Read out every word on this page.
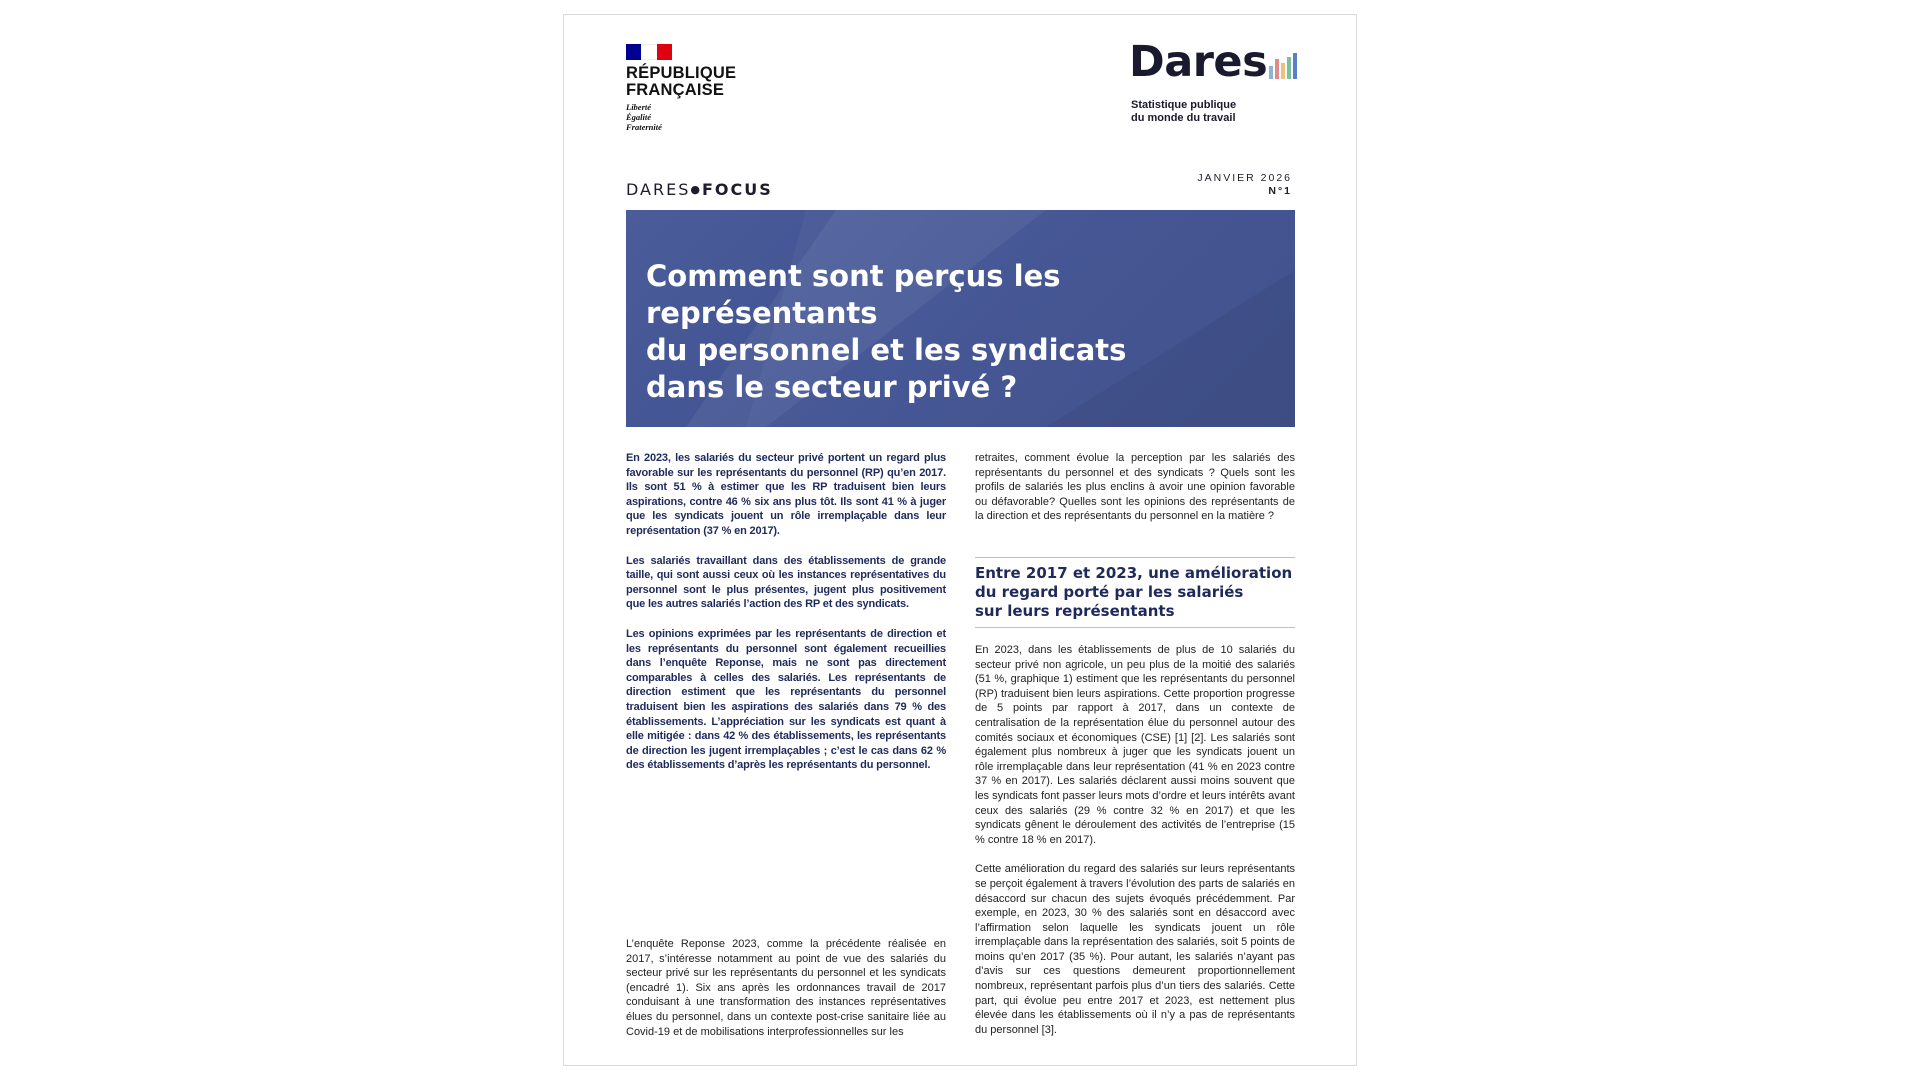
RÉPUBLIQUE
FRANÇAISE
Liberté
Égalité
Fraternité
Dares
Statistique publique
du monde du travail
DARES●FOCUS
JANVIER 2026
N°1
Comment sont perçus les représentants
du personnel et les syndicats
dans le secteur privé ?

En 2023, les salariés du secteur privé portent un regard plus favorable sur les représentants du personnel (RP) qu’en 2017. Ils sont 51 % à estimer que les RP traduisent bien leurs aspirations, contre 46 % six ans plus tôt. Ils sont 41 % à juger que les syndicats jouent un rôle irremplaçable dans leur représentation (37 % en 2017).

Les salariés travaillant dans des établissements de grande taille, qui sont aussi ceux où les instances représentatives du personnel sont le plus présentes, jugent plus positivement que les autres salariés l’action des RP et des syndicats.

Les opinions exprimées par les représentants de direction et les représentants du personnel sont également recueillies dans l’enquête Reponse, mais ne sont pas directement comparables à celles des salariés. Les représentants de direction estiment que les représentants du personnel traduisent bien les aspirations des salariés dans 79 % des établissements. L’appréciation sur les syndicats est quant à elle mitigée : dans 42 % des établissements, les représentants de direction les jugent irremplaçables ; c’est le cas dans 62 % des établissements d’après les représentants du personnel.

L’enquête Reponse 2023, comme la précédente réalisée en 2017, s’intéresse notamment au point de vue des salariés du secteur privé sur les représentants du personnel et les syndicats (encadré 1). Six ans après les ordonnances travail de 2017 conduisant à une transformation des instances représentatives élues du personnel, dans un contexte post-crise sanitaire liée au Covid-19 et de mobilisations interprofessionnelles sur les
retraites, comment évolue la perception par les salariés des représentants du personnel et des syndicats ? Quels sont les profils de salariés les plus enclins à avoir une opinion favorable ou défavorable? Quelles sont les opinions des représentants de la direction et des représentants du personnel en la matière ?
Entre 2017 et 2023, une amélioration
du regard porté par les salariés
sur leurs représentants

En 2023, dans les établissements de plus de 10 salariés du secteur privé non agricole, un peu plus de la moitié des salariés (51 %, graphique 1) estiment que les représentants du personnel (RP) traduisent bien leurs aspirations. Cette proportion progresse de 5 points par rapport à 2017, dans un contexte de centralisation de la représentation élue du personnel autour des comités sociaux et économiques (CSE) [1] [2]. Les salariés sont également plus nombreux à juger que les syndicats jouent un rôle irremplaçable dans leur représentation (41 % en 2023 contre 37 % en 2017). Les salariés déclarent aussi moins souvent que les syndicats font passer leurs mots d’ordre et leurs intérêts avant ceux des salariés (29 % contre 32 % en 2017) et que les syndicats gênent le déroulement des activités de l’entreprise (15 % contre 18 % en 2017).

Cette amélioration du regard des salariés sur leurs représentants se perçoit également à travers l’évolution des parts de salariés en désaccord sur chacun des sujets évoqués précédemment. Par exemple, en 2023, 30 % des salariés sont en désaccord avec l’affirmation selon laquelle les syndicats jouent un rôle irremplaçable dans la représentation des salariés, soit 5 points de moins qu’en 2017 (35 %). Pour autant, les salariés n’ayant pas d’avis sur ces questions demeurent proportionnellement nombreux, représentant parfois plus d’un tiers des salariés. Cette part, qui évolue peu entre 2017 et 2023, est nettement plus élevée dans les établissements où il n’y a pas de représentants du personnel [3].
